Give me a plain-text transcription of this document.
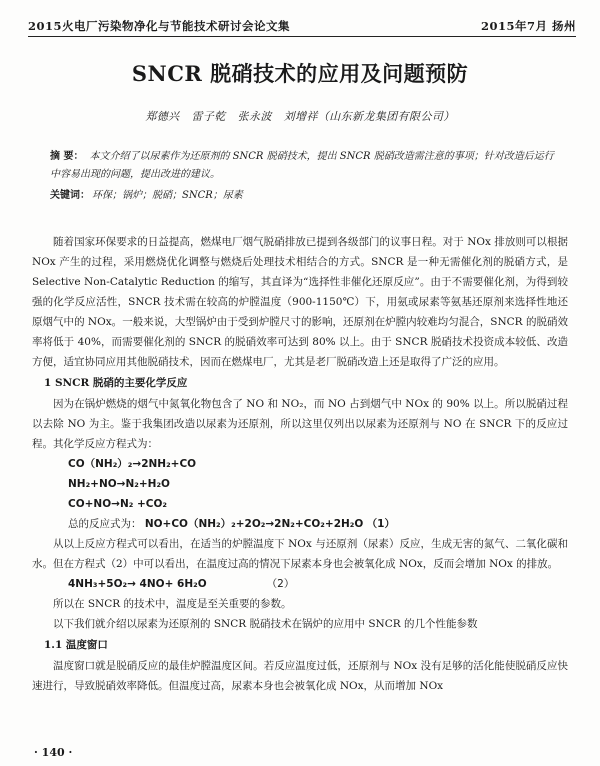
2015火电厂污染物净化与节能技术研讨会论文集	2015年7月 扬州
SNCR 脱硝技术的应用及问题预防
郑德兴 雷子乾 张永波 刘增祥（山东新龙集团有限公司）
摘 要： 本文介绍了以尿素作为还原剂的 SNCR 脱硝技术，提出 SNCR 脱硝改造需注意的事项；针对改造后运行中容易出现的问题，提出改进的建议。
关键词： 环保；锅炉；脱硝；SNCR；尿素

随着国家环保要求的日益提高，燃煤电厂烟气脱硝排放已提到各级部门的议事日程。对于 NOx 排放则可以根据 NOx 产生的过程，采用燃烧优化调整与燃烧后处理技术相结合的方式。SNCR 是一种无需催化剂的脱硝方式，是 Selective Non-Catalytic Reduction 的缩写，其直译为“选择性非催化还原反应”。由于不需要催化剂，为得到较强的化学反应活性，SNCR 技术需在较高的炉膛温度（900-1150℃）下，用氨或尿素等氨基还原剂来选择性地还原烟气中的 NOx。一般来说，大型锅炉由于受到炉膛尺寸的影响，还原剂在炉膛内较难均匀混合，SNCR 的脱硝效率将低于 40%，而需要催化剂的 SNCR 的脱硝效率可达到 80% 以上。由于 SNCR 脱硝技术投资成本较低、改造方便，适宜协同应用其他脱硝技术，因而在燃煤电厂，尤其是老厂脱硝改造上还是取得了广泛的应用。

1 SNCR 脱硝的主要化学反应

因为在锅炉燃烧的烟气中氮氧化物包含了 NO 和 NO₂，而 NO 占到烟气中 NOx 的 90% 以上。所以脱硝过程以去除 NO 为主。鉴于我集团改造以尿素为还原剂，所以这里仅列出以尿素为还原剂与 NO 在 SNCR 下的反应过程。其化学反应方程式为：

CO（NH₂）₂→2NH₂+CO

NH₂+NO→N₂+H₂O

CO+NO→N₂ +CO₂

总的反应式为： NO+CO（NH₂）₂+2O₂→2N₂+CO₂+2H₂O （1）

从以上反应方程式可以看出，在适当的炉膛温度下 NOx 与还原剂（尿素）反应，生成无害的氮气、二氧化碳和水。但在方程式（2）中可以看出，在温度过高的情况下尿素本身也会被氧化成 NOx，反而会增加 NOx 的排放。

4NH₃+5O₂→ 4NO+ 6H₂O	（2）

所以在 SNCR 的技术中，温度是至关重要的参数。

以下我们就介绍以尿素为还原剂的 SNCR 脱硝技术在锅炉的应用中 SNCR 的几个性能参数

1.1 温度窗口

温度窗口就是脱硝反应的最佳炉膛温度区间。若反应温度过低，还原剂与 NOx 没有足够的活化能使脱硝反应快速进行，导致脱硝效率降低。但温度过高，尿素本身也会被氧化成 NOx，从而增加 NOx

· 140 ·
